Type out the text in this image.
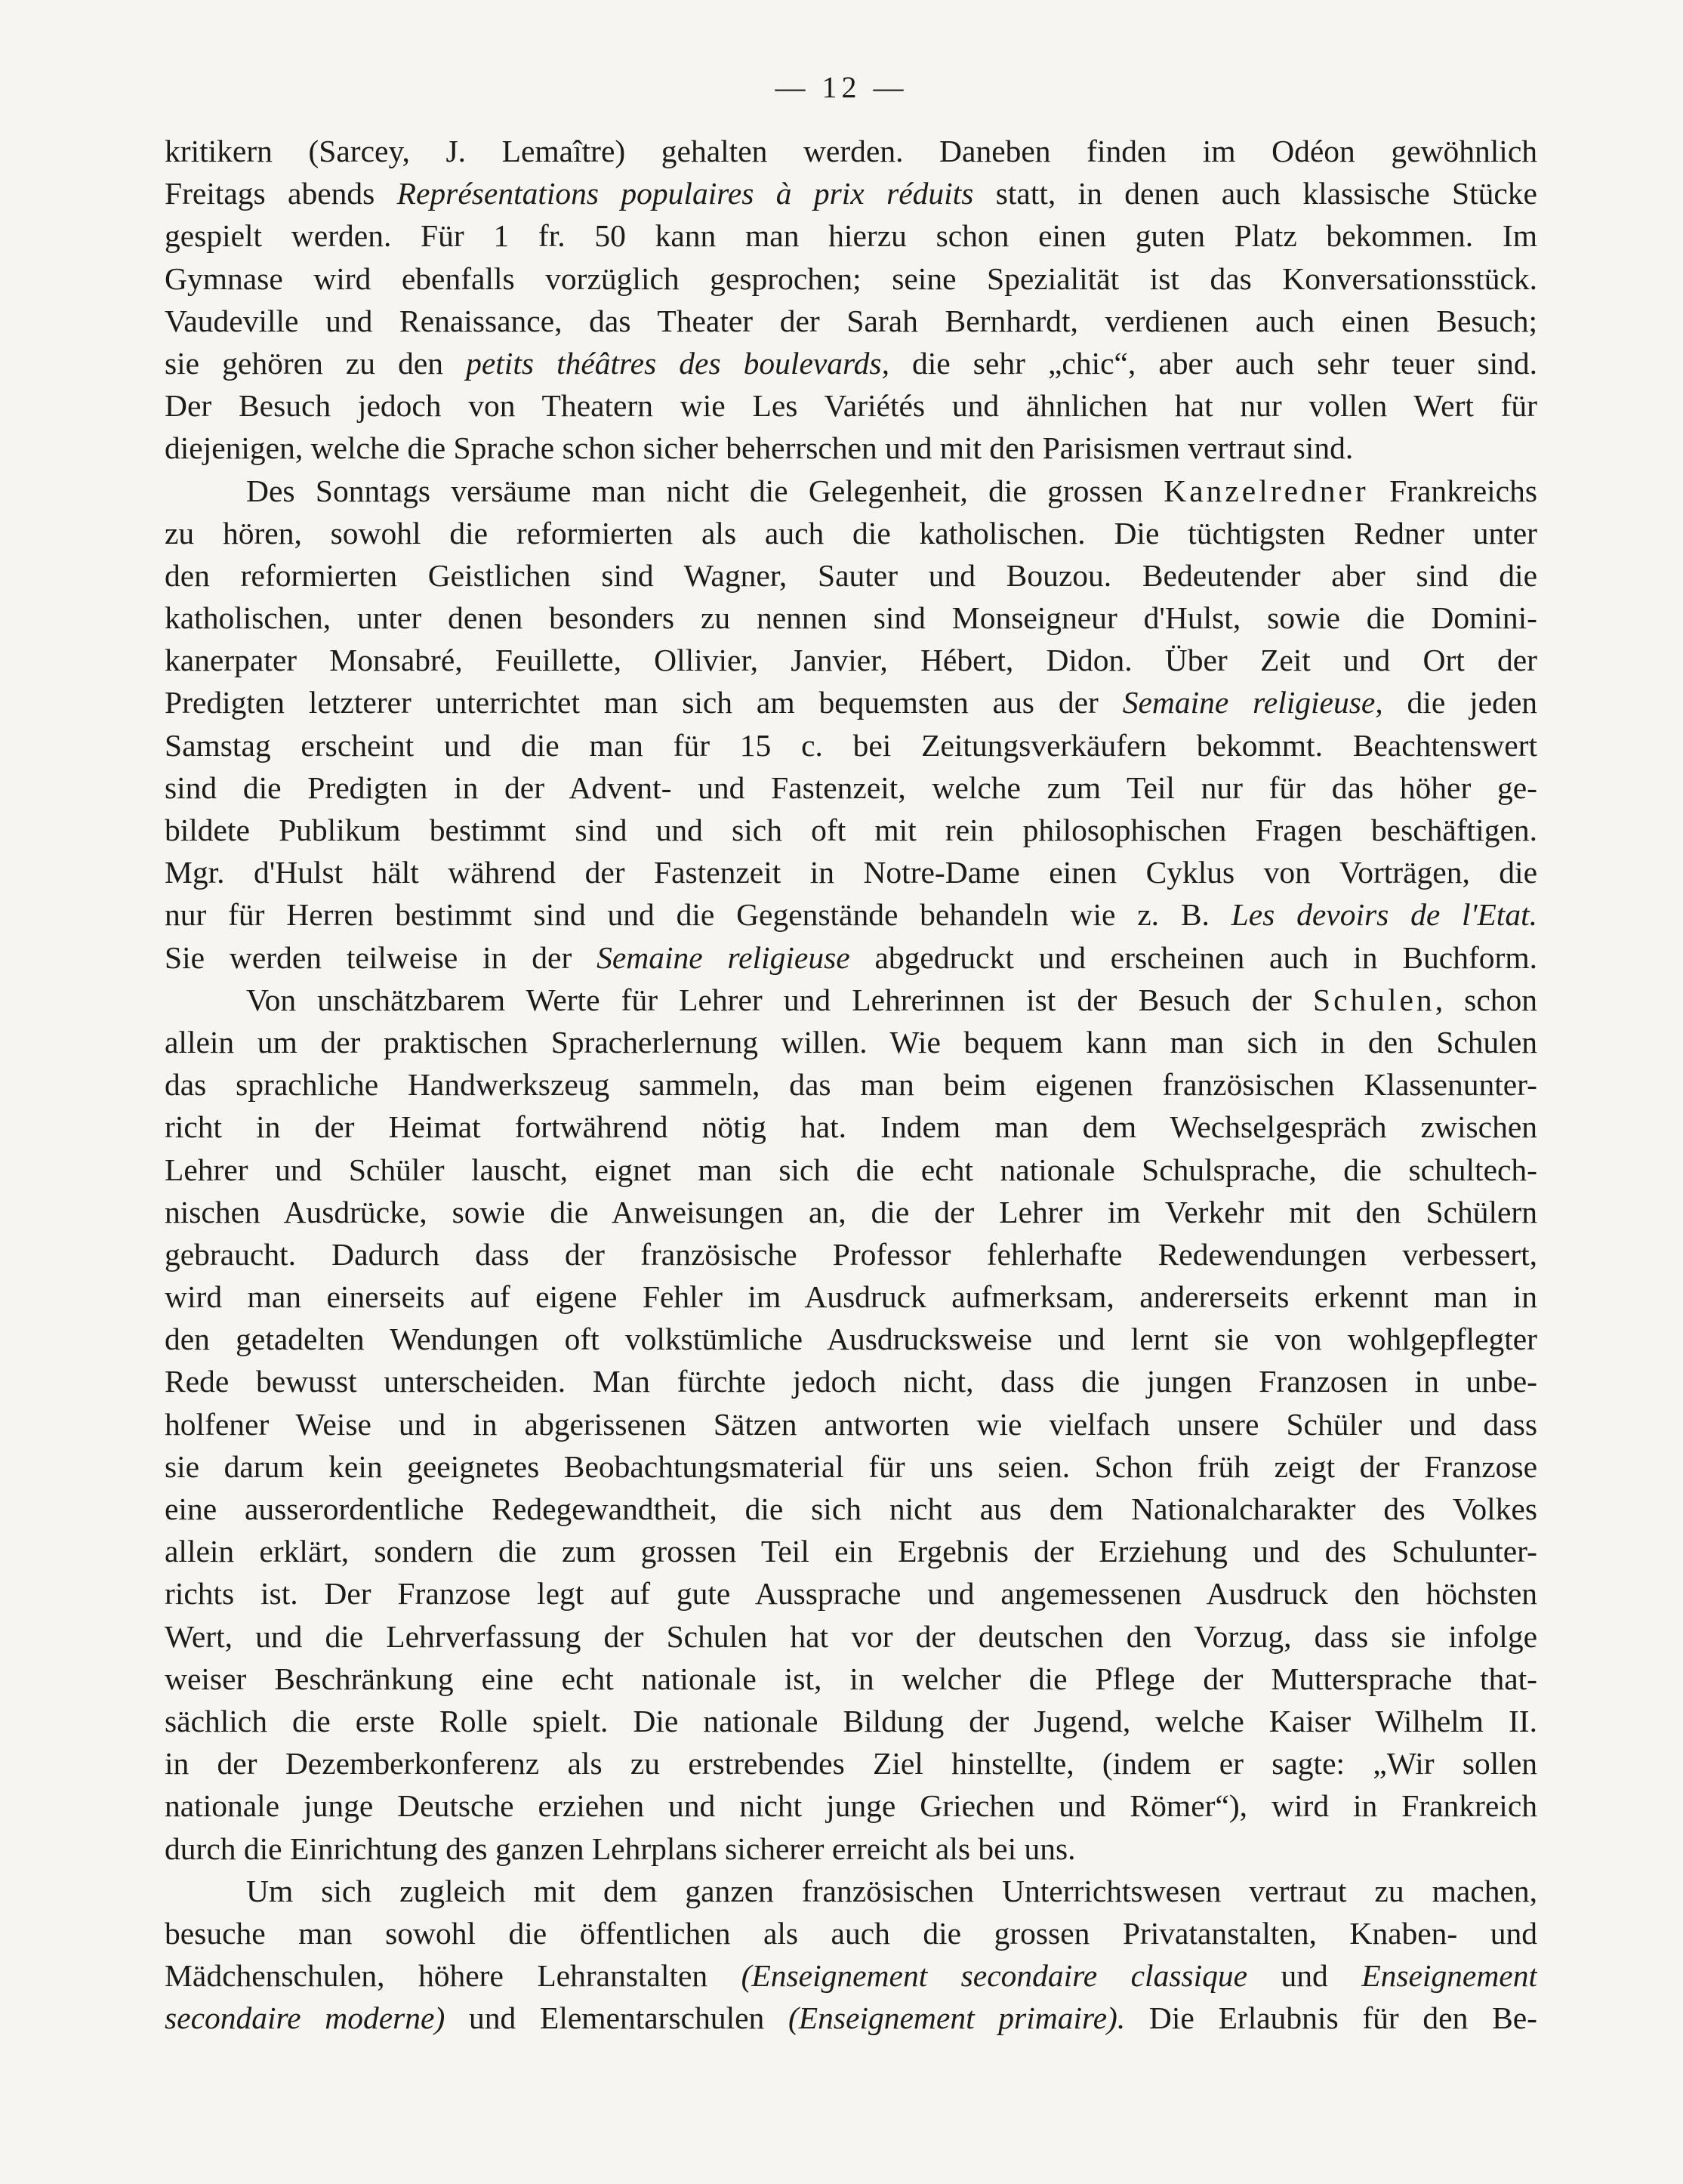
— 12 —
kritikern (Sarcey, J. Lemaître) gehalten werden. Daneben finden im Odéon gewöhnlich
Freitags abends Représentations populaires à prix réduits statt, in denen auch klassische Stücke
gespielt werden. Für 1 fr. 50 kann man hierzu schon einen guten Platz bekommen. Im
Gymnase wird ebenfalls vorzüglich gesprochen; seine Spezialität ist das Konversationsstück.
Vaudeville und Renaissance, das Theater der Sarah Bernhardt, verdienen auch einen Besuch;
sie gehören zu den petits théâtres des boulevards, die sehr „chic“, aber auch sehr teuer sind.
Der Besuch jedoch von Theatern wie Les Variétés und ähnlichen hat nur vollen Wert für
diejenigen, welche die Sprache schon sicher beherrschen und mit den Parisismen vertraut sind.
Des Sonntags versäume man nicht die Gelegenheit, die grossen Kanzelredner Frankreichs
zu hören, sowohl die reformierten als auch die katholischen. Die tüchtigsten Redner unter
den reformierten Geistlichen sind Wagner, Sauter und Bouzou. Bedeutender aber sind die
katholischen, unter denen besonders zu nennen sind Monseigneur d'Hulst, sowie die Domini-
kanerpater Monsabré, Feuillette, Ollivier, Janvier, Hébert, Didon. Über Zeit und Ort der
Predigten letzterer unterrichtet man sich am bequemsten aus der Semaine religieuse, die jeden
Samstag erscheint und die man für 15 c. bei Zeitungsverkäufern bekommt. Beachtenswert
sind die Predigten in der Advent- und Fastenzeit, welche zum Teil nur für das höher ge-
bildete Publikum bestimmt sind und sich oft mit rein philosophischen Fragen beschäftigen.
Mgr. d'Hulst hält während der Fastenzeit in Notre-Dame einen Cyklus von Vorträgen, die
nur für Herren bestimmt sind und die Gegenstände behandeln wie z. B. Les devoirs de l'Etat.
Sie werden teilweise in der Semaine religieuse abgedruckt und erscheinen auch in Buchform.
Von unschätzbarem Werte für Lehrer und Lehrerinnen ist der Besuch der Schulen, schon
allein um der praktischen Spracherlernung willen. Wie bequem kann man sich in den Schulen
das sprachliche Handwerkszeug sammeln, das man beim eigenen französischen Klassenunter-
richt in der Heimat fortwährend nötig hat. Indem man dem Wechselgespräch zwischen
Lehrer und Schüler lauscht, eignet man sich die echt nationale Schulsprache, die schultech-
nischen Ausdrücke, sowie die Anweisungen an, die der Lehrer im Verkehr mit den Schülern
gebraucht. Dadurch dass der französische Professor fehlerhafte Redewendungen verbessert,
wird man einerseits auf eigene Fehler im Ausdruck aufmerksam, andererseits erkennt man in
den getadelten Wendungen oft volkstümliche Ausdrucksweise und lernt sie von wohlgepflegter
Rede bewusst unterscheiden. Man fürchte jedoch nicht, dass die jungen Franzosen in unbe-
holfener Weise und in abgerissenen Sätzen antworten wie vielfach unsere Schüler und dass
sie darum kein geeignetes Beobachtungsmaterial für uns seien. Schon früh zeigt der Franzose
eine ausserordentliche Redegewandtheit, die sich nicht aus dem Nationalcharakter des Volkes
allein erklärt, sondern die zum grossen Teil ein Ergebnis der Erziehung und des Schulunter-
richts ist. Der Franzose legt auf gute Aussprache und angemessenen Ausdruck den höchsten
Wert, und die Lehrverfassung der Schulen hat vor der deutschen den Vorzug, dass sie infolge
weiser Beschränkung eine echt nationale ist, in welcher die Pflege der Muttersprache that-
sächlich die erste Rolle spielt. Die nationale Bildung der Jugend, welche Kaiser Wilhelm II.
in der Dezemberkonferenz als zu erstrebendes Ziel hinstellte, (indem er sagte: „Wir sollen
nationale junge Deutsche erziehen und nicht junge Griechen und Römer“), wird in Frankreich
durch die Einrichtung des ganzen Lehrplans sicherer erreicht als bei uns.
Um sich zugleich mit dem ganzen französischen Unterrichtswesen vertraut zu machen,
besuche man sowohl die öffentlichen als auch die grossen Privatanstalten, Knaben- und
Mädchenschulen, höhere Lehranstalten (Enseignement secondaire classique und Enseignement
secondaire moderne) und Elementarschulen (Enseignement primaire). Die Erlaubnis für den Be-
